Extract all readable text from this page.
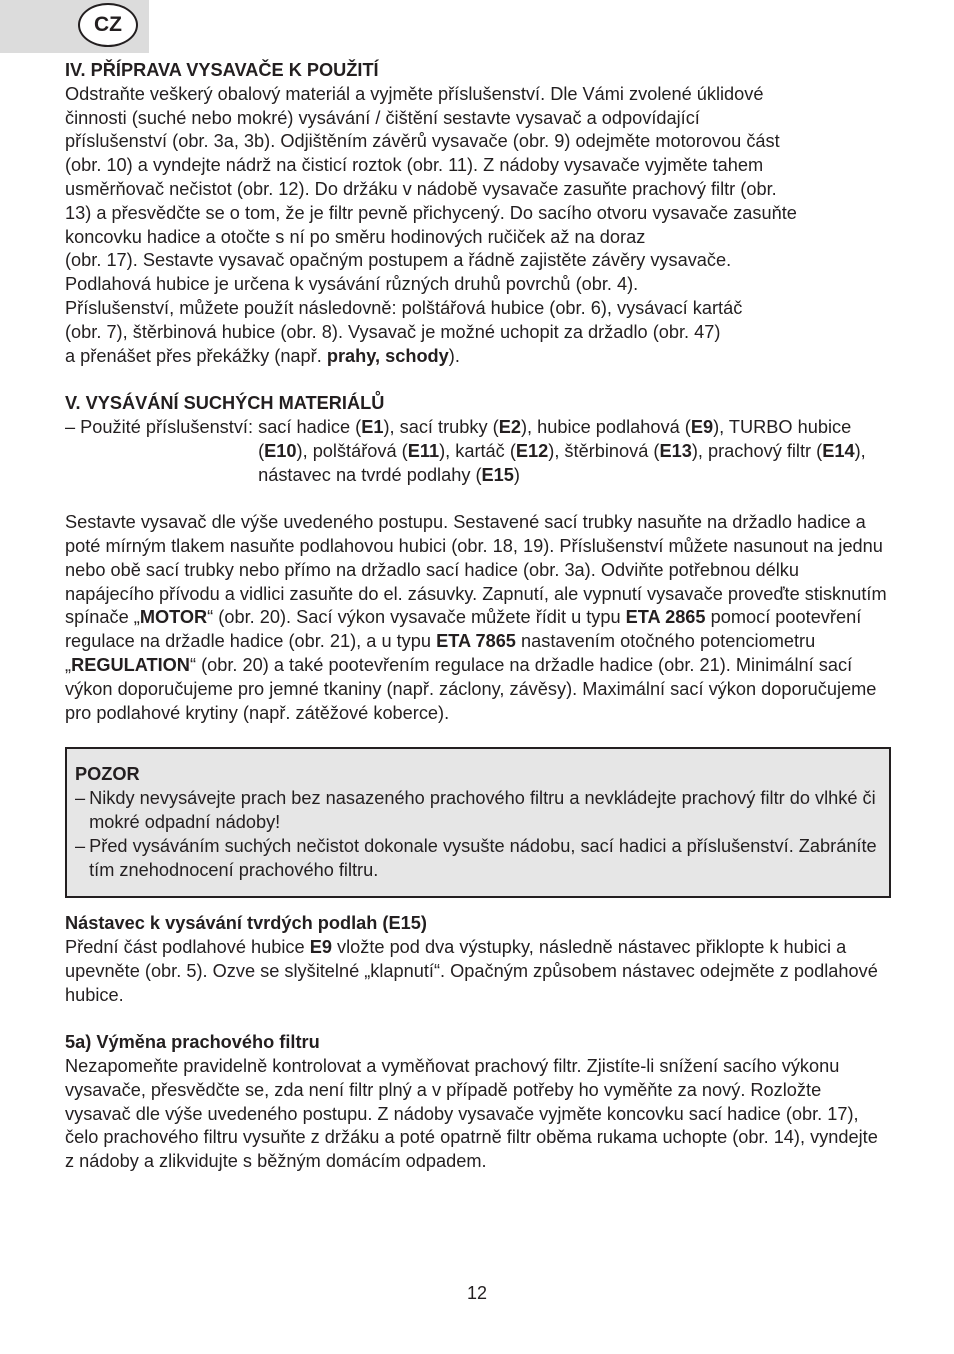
CZ

IV. PŘÍPRAVA VYSAVAČE K POUŽITÍ

Odstraňte veškerý obalový materiál a vyjměte příslušenství. Dle Vámi zvolené úklidové

činnosti (suché nebo mokré) vysávání / čištění sestavte vysavač a odpovídající

příslušenství (obr. 3a, 3b). Odjištěním závěrů vysavače (obr. 9) odejměte motorovou část

(obr. 10) a vyndejte nádrž na čisticí roztok (obr. 11). Z nádoby vysavače vyjměte tahem

usměrňovač nečistot (obr. 12). Do držáku v nádobě vysavače zasuňte prachový filtr (obr.

13) a přesvědčte se o tom, že je filtr pevně přichycený. Do sacího otvoru vysavače zasuňte

koncovku hadice a otočte s ní po směru hodinových ručiček až na doraz

(obr. 17). Sestavte vysavač opačným postupem a řádně zajistěte závěry vysavače.

Podlahová hubice je určena k vysávání různých druhů povrchů (obr. 4).

Příslušenství, můžete použít následovně: polštářová hubice (obr. 6), vysávací kartáč

(obr. 7), štěrbinová hubice (obr. 8). Vysavač je možné uchopit za držadlo (obr. 47)

a přenášet přes překážky (např. prahy, schody).

V. VYSÁVÁNÍ SUCHÝCH MATERIÁLŮ

– Použité příslušenství: sací hadice (E1), sací trubky (E2), hubice podlahová (E9), TURBO hubice (E10), polštářová (E11), kartáč (E12), štěrbinová (E13), prachový filtr (E14), nástavec na tvrdé podlahy (E15)

Sestavte vysavač dle výše uvedeného postupu. Sestavené sací trubky nasuňte na držadlo hadice a poté mírným tlakem nasuňte podlahovou hubici (obr. 18, 19). Příslušenství můžete nasunout na jednu nebo obě sací trubky nebo přímo na držadlo sací hadice (obr. 3a). Odviňte potřebnou délku napájecího přívodu a vidlici zasuňte do el. zásuvky. Zapnutí, ale vypnutí vysavače proveďte stisknutím spínače „MOTOR“ (obr. 20). Sací výkon vysavače můžete řídit u typu ETA 2865 pomocí pootevření regulace na držadle hadice (obr. 21), a u typu ETA 7865 nastavením otočného potenciometru „REGULATION“ (obr. 20) a také pootevřením regulace na držadle hadice (obr. 21). Minimální sací výkon doporučujeme pro jemné tkaniny (např. záclony, závěsy). Maximální sací výkon doporučujeme pro podlahové krytiny (např. zátěžové koberce).

POZOR

– Nikdy nevysávejte prach bez nasazeného prachového filtru a nevkládejte prachový filtr do vlhké či mokré odpadní nádoby!
– Před vysáváním suchých nečistot dokonale vysušte nádobu, sací hadici a příslušenství. Zabráníte tím znehodnocení prachového filtru.

Nástavec k vysávání tvrdých podlah (E15)

Přední část podlahové hubice E9 vložte pod dva výstupky, následně nástavec přiklopte k hubici a upevněte (obr. 5). Ozve se slyšitelné „klapnutí“. Opačným způsobem nástavec odejměte z podlahové hubice.

5a) Výměna prachového filtru

Nezapomeňte pravidelně kontrolovat a vyměňovat prachový filtr. Zjistíte-li snížení sacího výkonu vysavače, přesvědčte se, zda není filtr plný a v případě potřeby ho vyměňte za nový. Rozložte vysavač dle výše uvedeného postupu. Z nádoby vysavače vyjměte koncovku sací hadice (obr. 17), čelo prachového filtru vysuňte z držáku a poté opatrně filtr oběma rukama uchopte (obr. 14), vyndejte z nádoby a zlikvidujte s běžným domácím odpadem.

12
